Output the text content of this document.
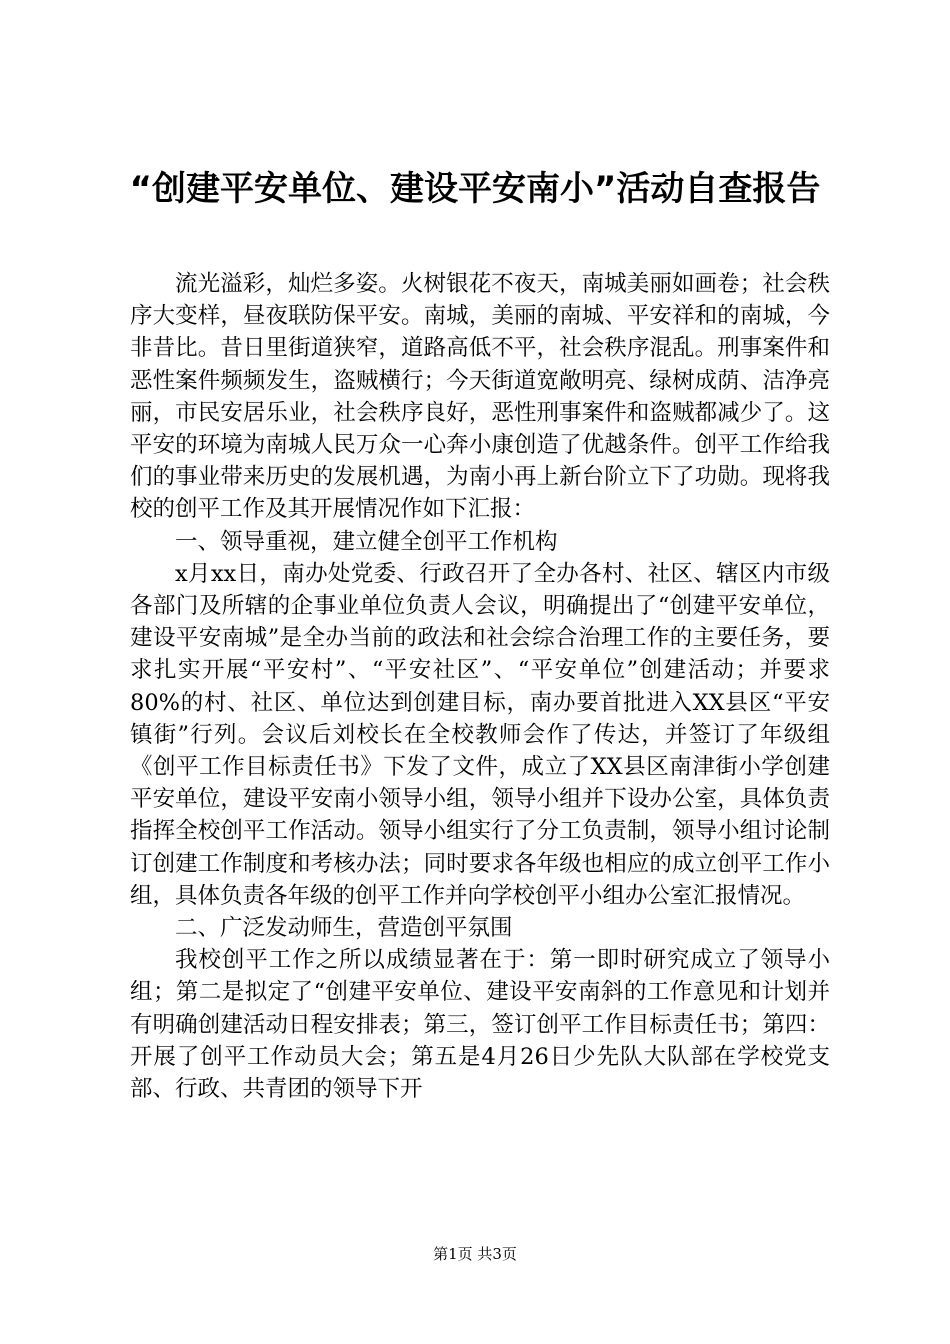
“创建平安单位、建设平安南小”活动自查报告

流光溢彩，灿烂多姿。火树银花不夜天，南城美丽如画卷；社会秩序大变样，昼夜联防保平安。南城，美丽的南城、平安祥和的南城，今非昔比。昔日里街道狭窄，道路高低不平，社会秩序混乱。刑事案件和恶性案件频频发生，盗贼横行；今天街道宽敞明亮、绿树成荫、洁净亮丽，市民安居乐业，社会秩序良好，恶性刑事案件和盗贼都减少了。这平安的环境为南城人民万众一心奔小康创造了优越条件。创平工作给我们的事业带来历史的发展机遇，为南小再上新台阶立下了功勋。现将我校的创平工作及其开展情况作如下汇报：

一、领导重视，建立健全创平工作机构

x月xx日，南办处党委、行政召开了全办各村、社区、辖区内市级各部门及所辖的企事业单位负责人会议，明确提出了“创建平安单位，建设平安南城”是全办当前的政法和社会综合治理工作的主要任务，要求扎实开展“平安村”、“平安社区”、“平安单位”创建活动；并要求80%的村、社区、单位达到创建目标，南办要首批进入XX县区“平安镇街”行列。会议后刘校长在全校教师会作了传达，并签订了年级组《创平工作目标责任书》下发了文件，成立了XX县区南津街小学创建平安单位，建设平安南小领导小组，领导小组并下设办公室，具体负责指挥全校创平工作活动。领导小组实行了分工负责制，领导小组讨论制订创建工作制度和考核办法；同时要求各年级也相应的成立创平工作小组，具体负责各年级的创平工作并向学校创平小组办公室汇报情况。

二、广泛发动师生，营造创平氛围

我校创平工作之所以成绩显著在于：第一即时研究成立了领导小组；第二是拟定了“创建平安单位、建设平安南斜的工作意见和计划并有明确创建活动日程安排表；第三，签订创平工作目标责任书；第四：开展了创平工作动员大会；第五是4月26日少先队大队部在学校党支部、行政、共青团的领导下开

第1页 共3页
